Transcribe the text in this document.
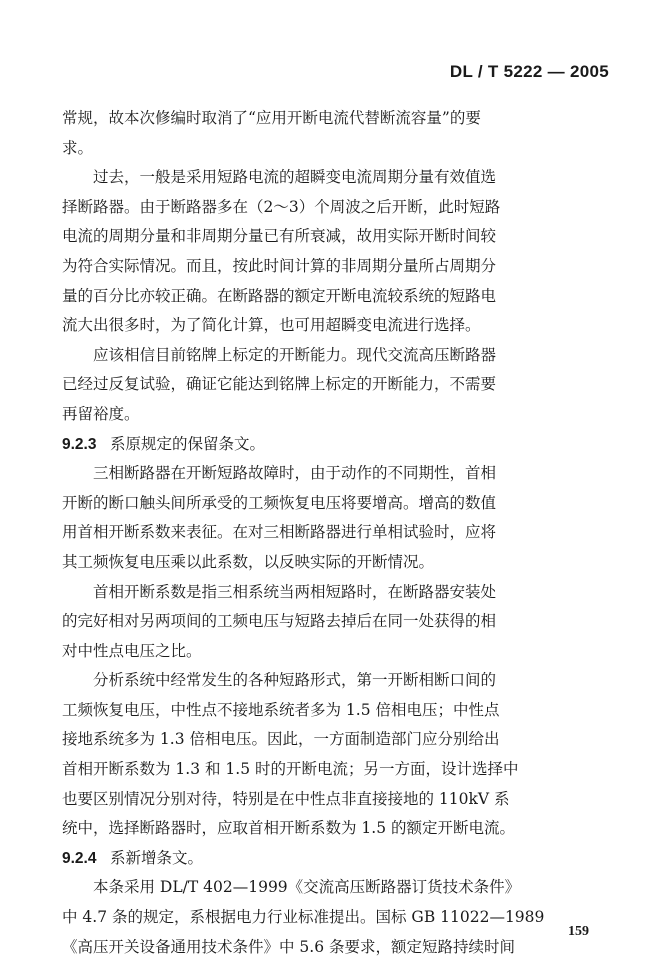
DL / T 5222 — 2005
常规，故本次修编时取消了“应用开断电流代替断流容量”的要
求。
　　过去，一般是采用短路电流的超瞬变电流周期分量有效值选
择断路器。由于断路器多在（2～3）个周波之后开断，此时短路
电流的周期分量和非周期分量已有所衰减，故用实际开断时间较
为符合实际情况。而且，按此时间计算的非周期分量所占周期分
量的百分比亦较正确。在断路器的额定开断电流较系统的短路电
流大出很多时，为了简化计算，也可用超瞬变电流进行选择。
　　应该相信目前铭牌上标定的开断能力。现代交流高压断路器
已经过反复试验，确证它能达到铭牌上标定的开断能力，不需要
再留裕度。
9.2.3 系原规定的保留条文。
　　三相断路器在开断短路故障时，由于动作的不同期性，首相
开断的断口触头间所承受的工频恢复电压将要增高。增高的数值
用首相开断系数来表征。在对三相断路器进行单相试验时，应将
其工频恢复电压乘以此系数，以反映实际的开断情况。
　　首相开断系数是指三相系统当两相短路时，在断路器安装处
的完好相对另两项间的工频电压与短路去掉后在同一处获得的相
对中性点电压之比。
　　分析系统中经常发生的各种短路形式，第一开断相断口间的
工频恢复电压，中性点不接地系统者多为 1.5 倍相电压；中性点
接地系统多为 1.3 倍相电压。因此，一方面制造部门应分别给出
首相开断系数为 1.3 和 1.5 时的开断电流；另一方面，设计选择中
也要区别情况分别对待，特别是在中性点非直接接地的 110kV 系
统中，选择断路器时，应取首相开断系数为 1.5 的额定开断电流。
9.2.4 系新增条文。
　　本条采用 DL/T 402—1999《交流高压断路器订货技术条件》
中 4.7 条的规定，系根据电力行业标准提出。国标 GB 11022—1989
《高压开关设备通用技术条件》中 5.6 条要求，额定短路持续时间
159
